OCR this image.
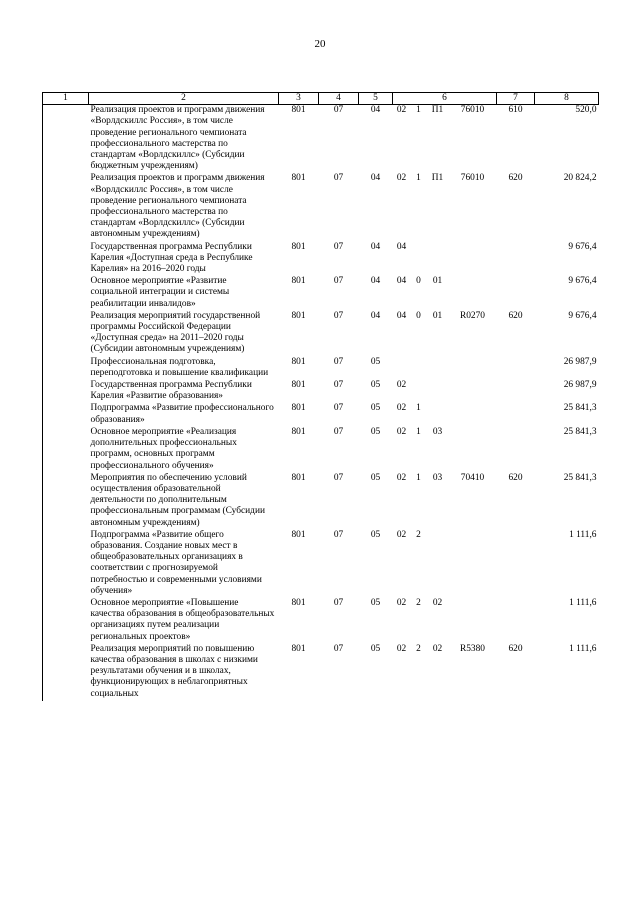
20
1	2	3	4	5	6				7	8
	Реализация проектов и программ движения «Ворлдскиллс Россия», в том числе проведение регионального чемпионата профессионального мастерства по стандартам «Ворлдскиллс» (Субсидии бюджетным учреждениям)	801	07	04	02	1	П1	76010	610	520,0
	Реализация проектов и программ движения «Ворлдскиллс Россия», в том числе проведение регионального чемпионата профессионального мастерства по стандартам «Ворлдскиллс» (Субсидии автономным учреждениям)	801	07	04	02	1	П1	76010	620	20 824,2
	Государственная программа Республики Карелия «Доступная среда в Республике Карелия» на 2016–2020 годы	801	07	04	04					9 676,4
	Основное мероприятие «Развитие социальной интеграции и системы реабилитации инвалидов»	801	07	04	04	0	01			9 676,4
	Реализация мероприятий государственной программы Российской Федерации «Доступная среда» на 2011–2020 годы (Субсидии автономным учреждениям)	801	07	04	04	0	01	R0270	620	9 676,4
	Профессиональная подготовка, переподготовка и повышение квалификации	801	07	05						26 987,9
	Государственная программа Республики Карелия «Развитие образования»	801	07	05	02					26 987,9
	Подпрограмма «Развитие профессионального образования»	801	07	05	02	1				25 841,3
	Основное мероприятие «Реализация дополнительных профессиональных программ, основных программ профессионального обучения»	801	07	05	02	1	03			25 841,3
	Мероприятия по обеспечению условий осуществления образовательной деятельности по дополнительным профессиональным программам (Субсидии автономным учреждениям)	801	07	05	02	1	03	70410	620	25 841,3
	Подпрограмма «Развитие общего образования. Создание новых мест в общеобразовательных организациях в соответствии с прогнозируемой потребностью и современными условиями обучения»	801	07	05	02	2				1 111,6
	Основное мероприятие «Повышение качества образования в общеобразовательных организациях путем реализации региональных проектов»	801	07	05	02	2	02			1 111,6
	Реализация мероприятий по повышению качества образования в школах с низкими результатами обучения и в школах, функционирующих в неблагоприятных социальных	801	07	05	02	2	02	R5380	620	1 111,6
